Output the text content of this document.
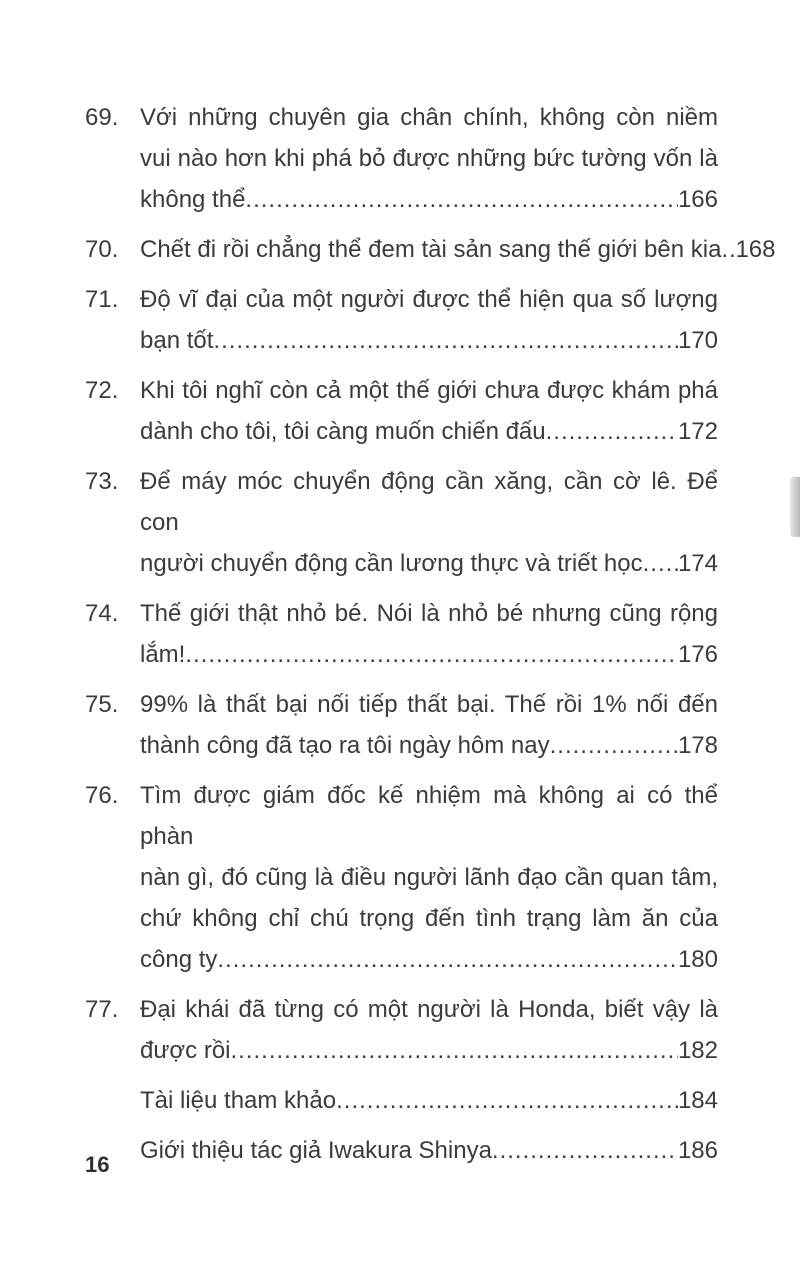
69. Với những chuyên gia chân chính, không còn niềm
vui nào hơn khi phá bỏ được những bức tường vốn là
không thể .....	166
70. Chết đi rồi chẳng thể đem tài sản sang thế giới bên kia ..... 168
71. Độ vĩ đại của một người được thể hiện qua số lượng
bạn tốt .....	170
72. Khi tôi nghĩ còn cả một thế giới chưa được khám phá
dành cho tôi, tôi càng muốn chiến đấu .....	172
73. Để máy móc chuyển động cần xăng, cần cờ lê. Để con
người chuyển động cần lương thực và triết học ..... 174
74. Thế giới thật nhỏ bé. Nói là nhỏ bé nhưng cũng rộng
lắm! .....	176
75. 99% là thất bại nối tiếp thất bại. Thế rồi 1% nối đến
thành công đã tạo ra tôi ngày hôm nay .....	178
76. Tìm được giám đốc kế nhiệm mà không ai có thể phàn
nàn gì, đó cũng là điều người lãnh đạo cần quan tâm,
chứ không chỉ chú trọng đến tình trạng làm ăn của
công ty .....	180
77. Đại khái đã từng có một người là Honda, biết vậy là
được rồi .....	182
Tài liệu tham khảo .....	184
Giới thiệu tác giả Iwakura Shinya .....	186
16
